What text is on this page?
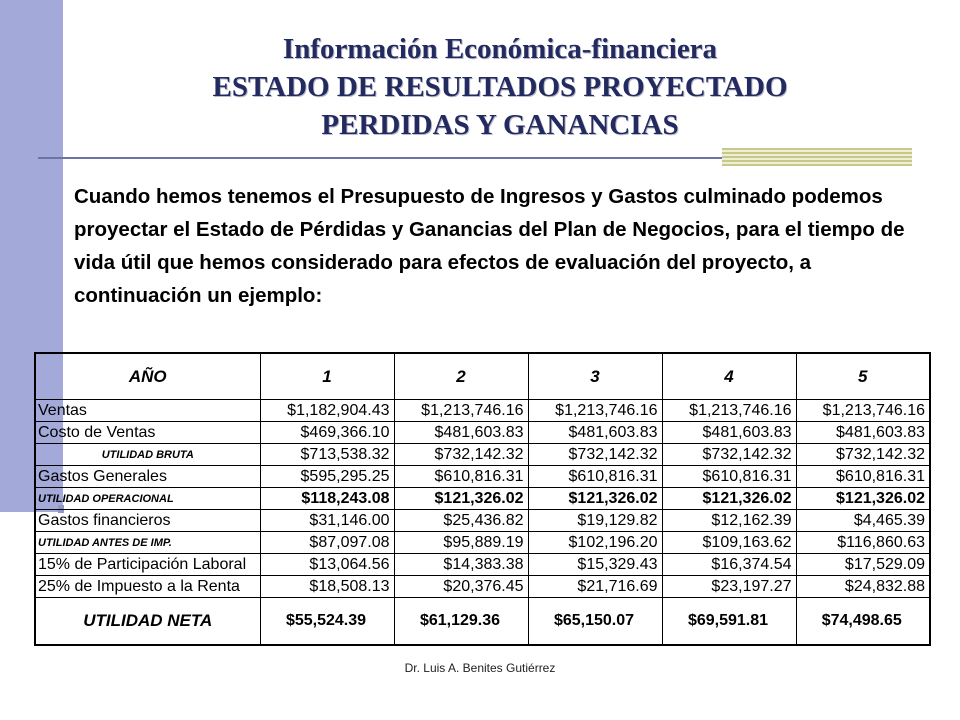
Información Económica-financiera
ESTADO DE RESULTADOS PROYECTADO
PERDIDAS Y GANANCIAS
Cuando hemos tenemos el Presupuesto de Ingresos y Gastos culminado podemos proyectar el Estado de Pérdidas y Ganancias del Plan de Negocios, para el tiempo de vida útil que hemos considerado para efectos de evaluación del proyecto, a continuación un ejemplo:
AÑO	1	2	3	4	5
Ventas	$1,182,904.43	$1,213,746.16	$1,213,746.16	$1,213,746.16	$1,213,746.16
Costo de Ventas	$469,366.10	$481,603.83	$481,603.83	$481,603.83	$481,603.83
UTILIDAD BRUTA	$713,538.32	$732,142.32	$732,142.32	$732,142.32	$732,142.32
Gastos Generales	$595,295.25	$610,816.31	$610,816.31	$610,816.31	$610,816.31
UTILIDAD OPERACIONAL	$118,243.08	$121,326.02	$121,326.02	$121,326.02	$121,326.02
Gastos financieros	$31,146.00	$25,436.82	$19,129.82	$12,162.39	$4,465.39
UTILIDAD ANTES DE IMP.	$87,097.08	$95,889.19	$102,196.20	$109,163.62	$116,860.63
15% de Participación Laboral	$13,064.56	$14,383.38	$15,329.43	$16,374.54	$17,529.09
25% de Impuesto a la Renta	$18,508.13	$20,376.45	$21,716.69	$23,197.27	$24,832.88
UTILIDAD NETA	$55,524.39	$61,129.36	$65,150.07	$69,591.81	$74,498.65
Dr. Luis A. Benites Gutiérrez
